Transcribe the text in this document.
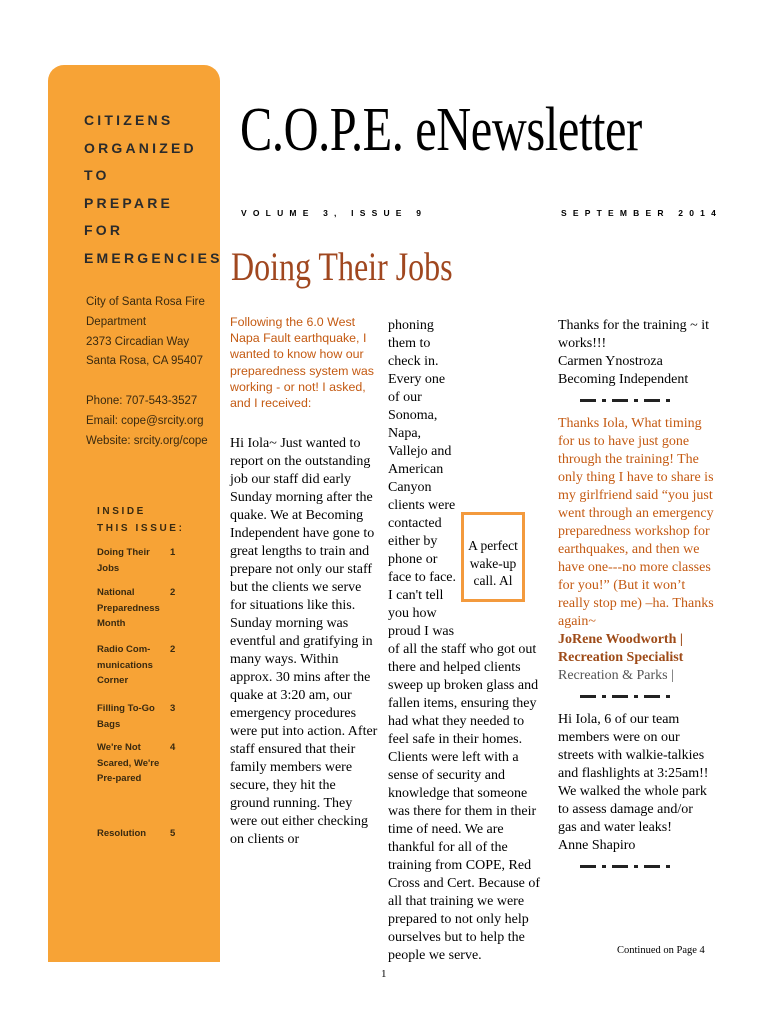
CITIZENS
ORGANIZED TO
PREPARE FOR
EMERGENCIES
City of Santa Rosa Fire
Department
2373 Circadian Way
Santa Rosa, CA 95407
Phone: 707-543-3527
Email: cope@srcity.org
Website: srcity.org/cope
INSIDE
THIS ISSUE:
Doing Their Jobs
1
National Preparedness Month
2
Radio Com-munications Corner
2
Filling To-Go Bags
3
We're Not Scared, We're Pre-pared
4
Resolution	5
C.O.P.E. eNewsletter
VOLUME 3, ISSUE 9	SEPTEMBER 2014
Doing Their Jobs
Following the 6.0 West Napa Fault earthquake, I wanted to know how our preparedness system was working - or not! I asked, and I received:
Hi Iola~ Just wanted to report on the outstanding job our staff did early Sunday morning after the quake. We at Becoming Independent have gone to great lengths to train and prepare not only our staff but the clients we serve for situations like this. Sunday morning was eventful and gratifying in many ways. Within approx. 30 mins after the quake at 3:20 am, our emergency procedures were put into action. After staff ensured that their family members were secure, they hit the ground running. They were out either checking on clients or
phoning them to check in. Every one of our Sonoma, Napa, Vallejo and American Canyon clients were contacted either by phone or face to face. I can't tell you how proud I was of all the staff who got out there and helped clients sweep up broken glass and fallen items, ensuring they had what they needed to feel safe in their homes. Clients were left with a sense of security and knowledge that someone was there for them in their time of need. We are thankful for all of the training from COPE, Red Cross and Cert. Because of all that training we were prepared to not only help ourselves but to help the people we serve.
A perfect wake-up call. Al
Thanks for the training ~ it works!!!
Carmen Ynostroza
Becoming Independent
Thanks Iola, What timing for us to have just gone through the training! The only thing I have to share is my girlfriend said “you just went through an emergency preparedness workshop for earthquakes, and then we have one---no more classes for you!” (But it won’t really stop me) –ha. Thanks again~
JoRene Woodworth |
Recreation Specialist
Recreation & Parks |
Hi Iola, 6 of our team members were on our streets with walkie-talkies and flashlights at 3:25am!! We walked the whole park to assess damage and/or gas and water leaks!
Anne Shapiro
Continued on Page 4
1
